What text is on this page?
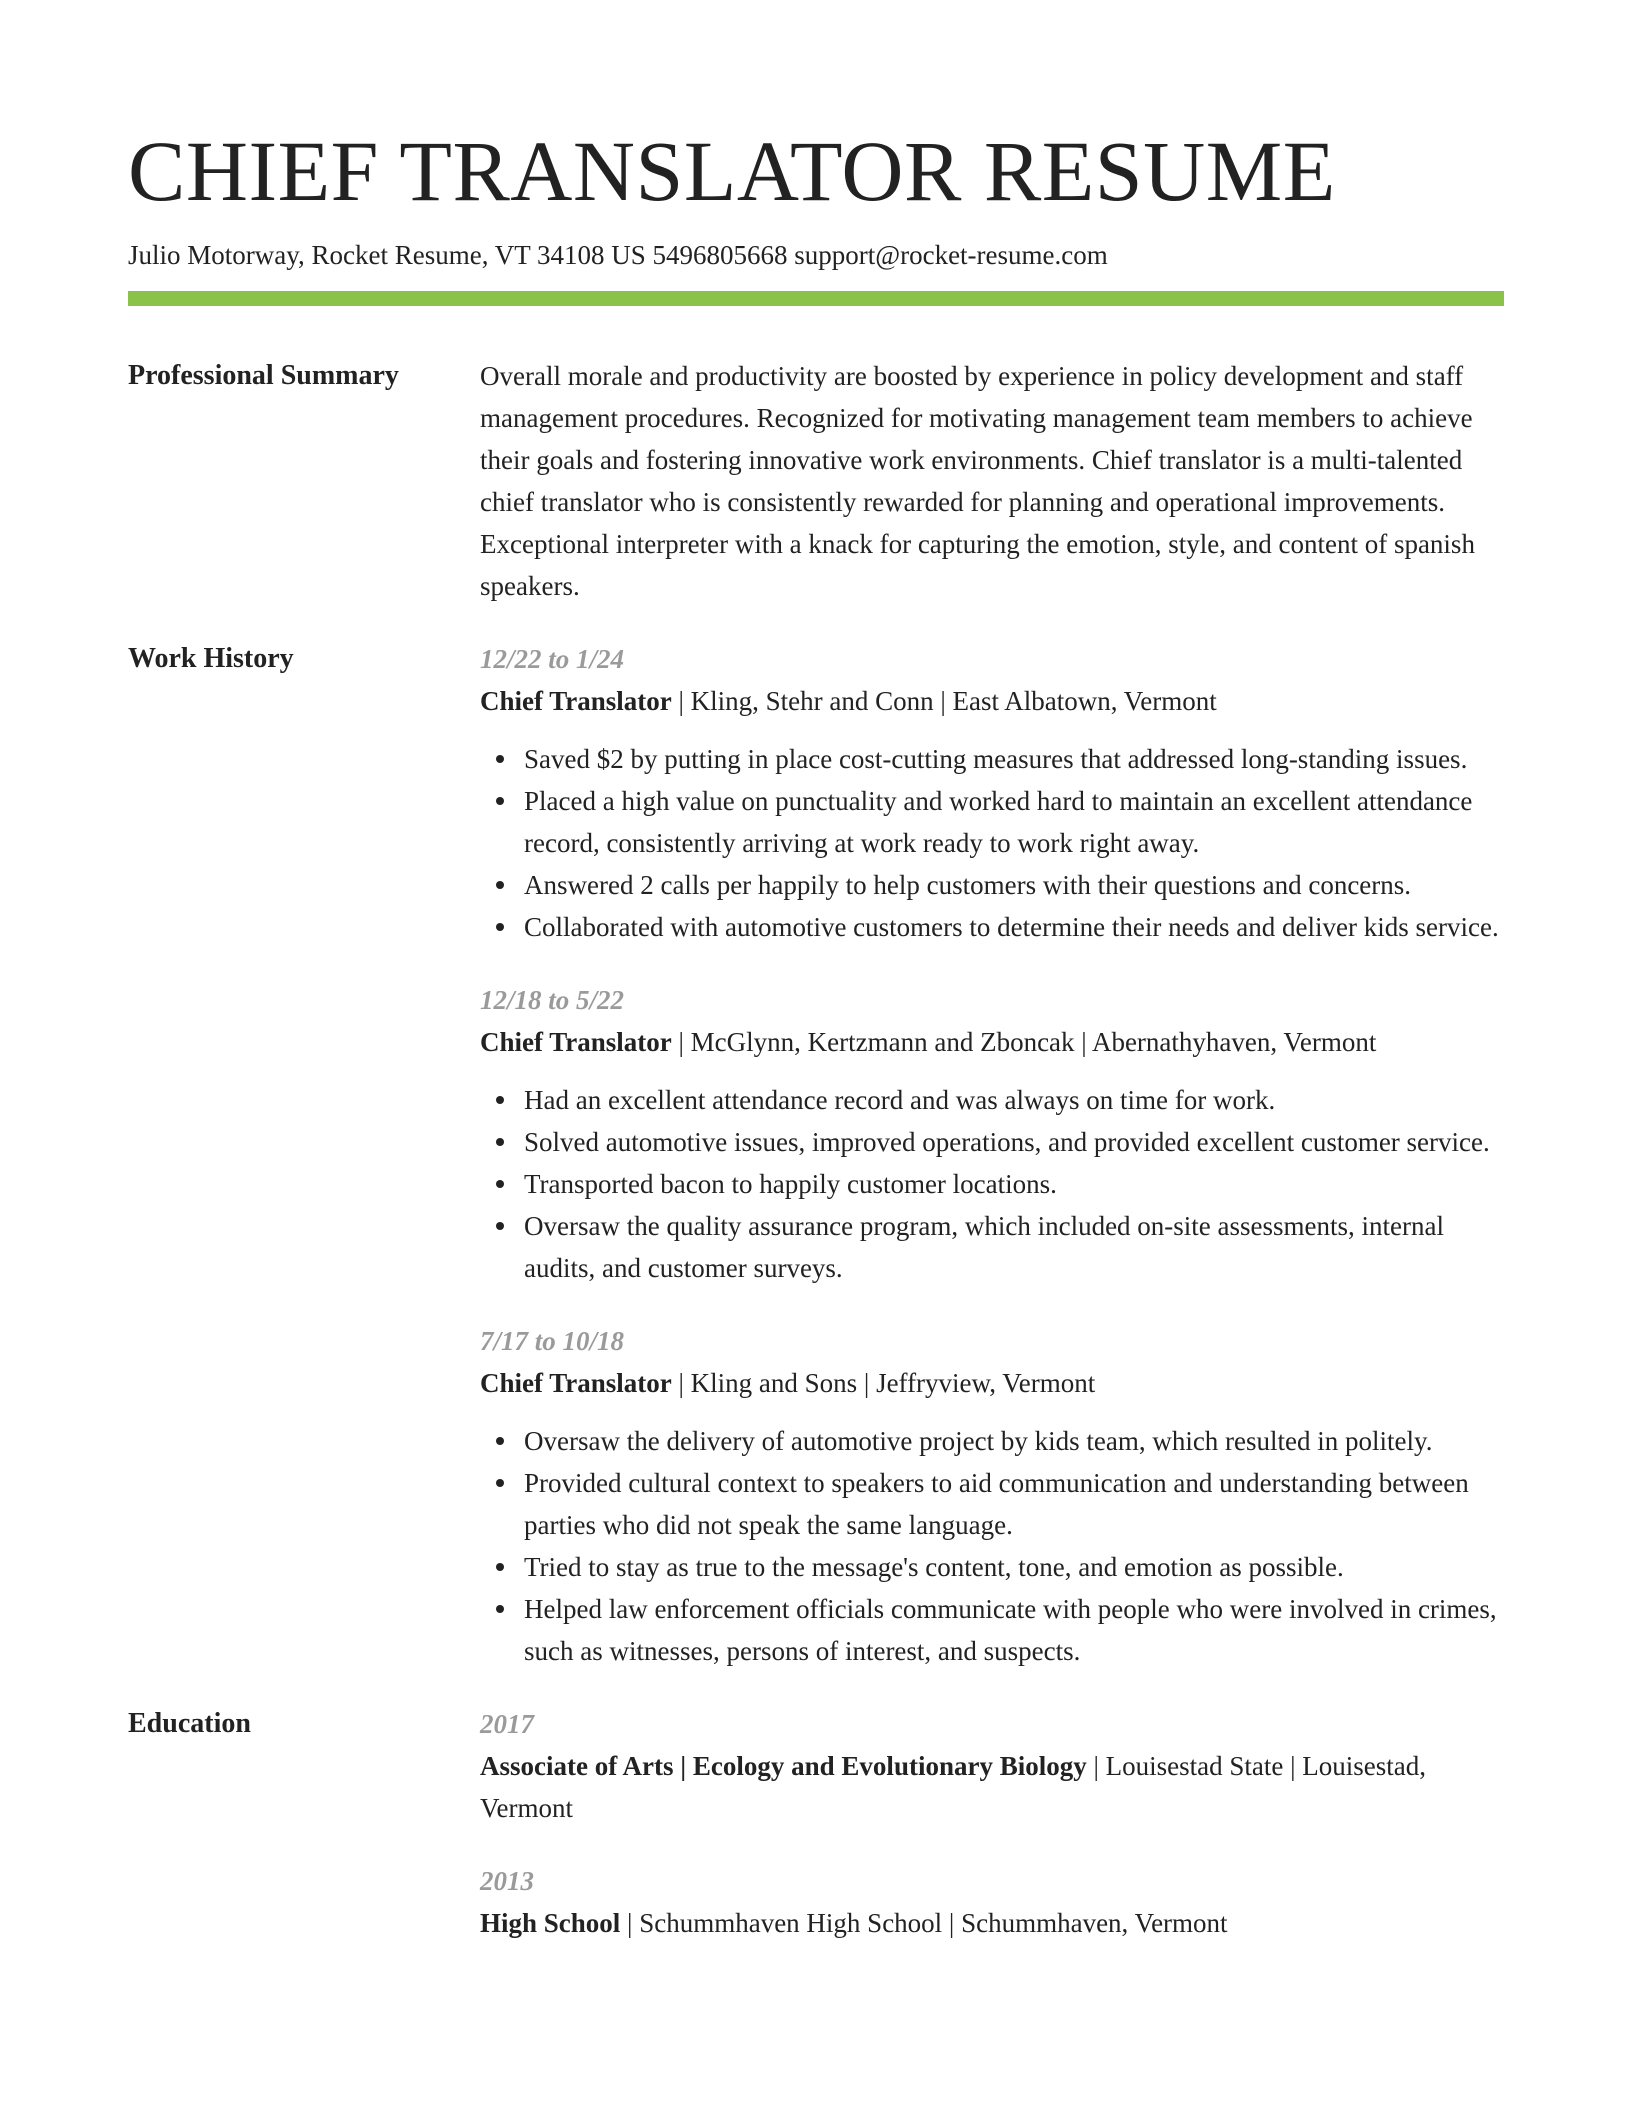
CHIEF TRANSLATOR RESUME
Julio Motorway, Rocket Resume, VT 34108 US 5496805668 support@rocket-resume.com
Professional Summary	Overall morale and productivity are boosted by experience in policy development and staff management procedures. Recognized for motivating management team members to achieve their goals and fostering innovative work environments. Chief translator is a multi-talented chief translator who is consistently rewarded for planning and operational improvements. Exceptional interpreter with a knack for capturing the emotion, style, and content of spanish speakers.
Work History	12/22 to 1/24
Chief Translator | Kling, Stehr and Conn | East Albatown, Vermont
Saved $2 by putting in place cost-cutting measures that addressed long-standing issues.
Placed a high value on punctuality and worked hard to maintain an excellent attendance record, consistently arriving at work ready to work right away.
Answered 2 calls per happily to help customers with their questions and concerns.
Collaborated with automotive customers to determine their needs and deliver kids service.
12/18 to 5/22
Chief Translator | McGlynn, Kertzmann and Zboncak | Abernathyhaven, Vermont
Had an excellent attendance record and was always on time for work.
Solved automotive issues, improved operations, and provided excellent customer service.
Transported bacon to happily customer locations.
Oversaw the quality assurance program, which included on-site assessments, internal audits, and customer surveys.
7/17 to 10/18
Chief Translator | Kling and Sons | Jeffryview, Vermont
Oversaw the delivery of automotive project by kids team, which resulted in politely.
Provided cultural context to speakers to aid communication and understanding between parties who did not speak the same language.
Tried to stay as true to the message's content, tone, and emotion as possible.
Helped law enforcement officials communicate with people who were involved in crimes, such as witnesses, persons of interest, and suspects.
Education	2017
Associate of Arts | Ecology and Evolutionary Biology | Louisestad State | Louisestad, Vermont
2013
High School | Schummhaven High School | Schummhaven, Vermont
